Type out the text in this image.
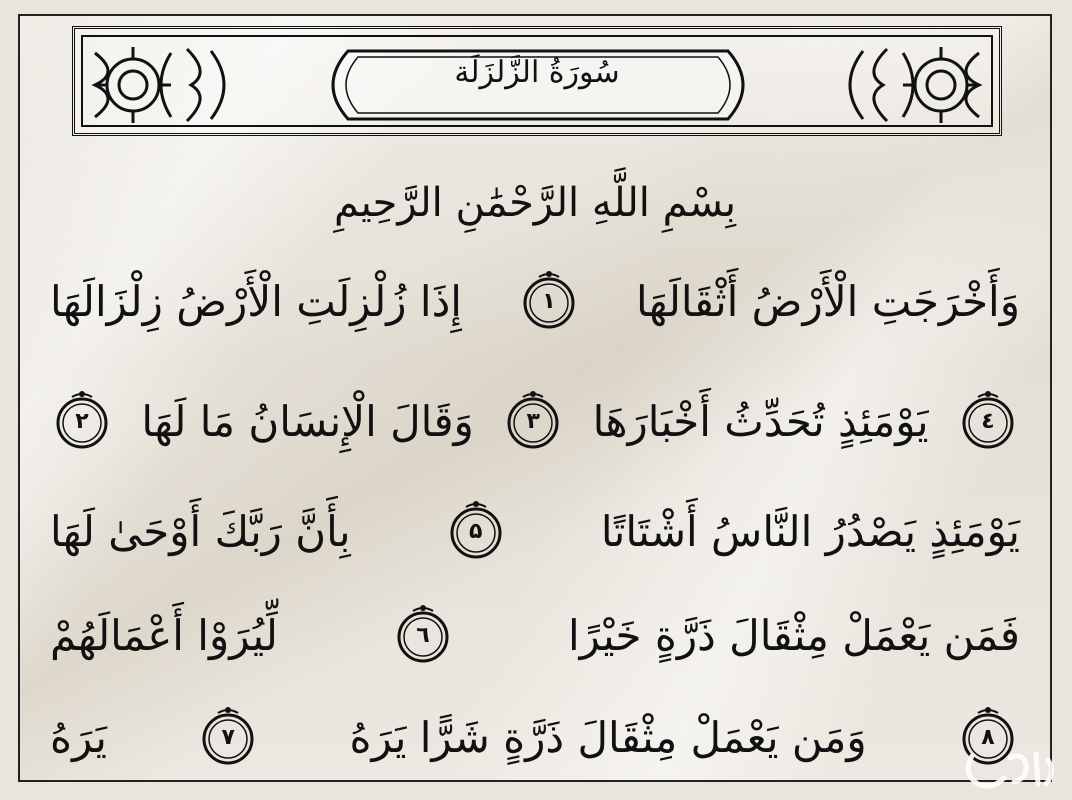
سُورَةُ الزَّلزَلَة
بِسْمِ اللَّهِ الرَّحْمَٰنِ الرَّحِيمِ
إِذَا زُلْزِلَتِ الْأَرْضُ زِلْزَالَهَا	۱ وَأَخْرَجَتِ الْأَرْضُ أَثْقَالَهَا
۲ وَقَالَ الْإِنسَانُ مَا لَهَا ۳ يَوْمَئِذٍ تُحَدِّثُ أَخْبَارَهَا ٤
بِأَنَّ رَبَّكَ أَوْحَىٰ لَهَا	۵	يَوْمَئِذٍ يَصْدُرُ النَّاسُ أَشْتَاتًا
لِّيُرَوْا أَعْمَالَهُمْ	٦	فَمَن يَعْمَلْ مِثْقَالَ ذَرَّةٍ خَيْرًا
يَرَهُ	۷	وَمَن يَعْمَلْ مِثْقَالَ ذَرَّةٍ شَرًّا يَرَهُ	۸
